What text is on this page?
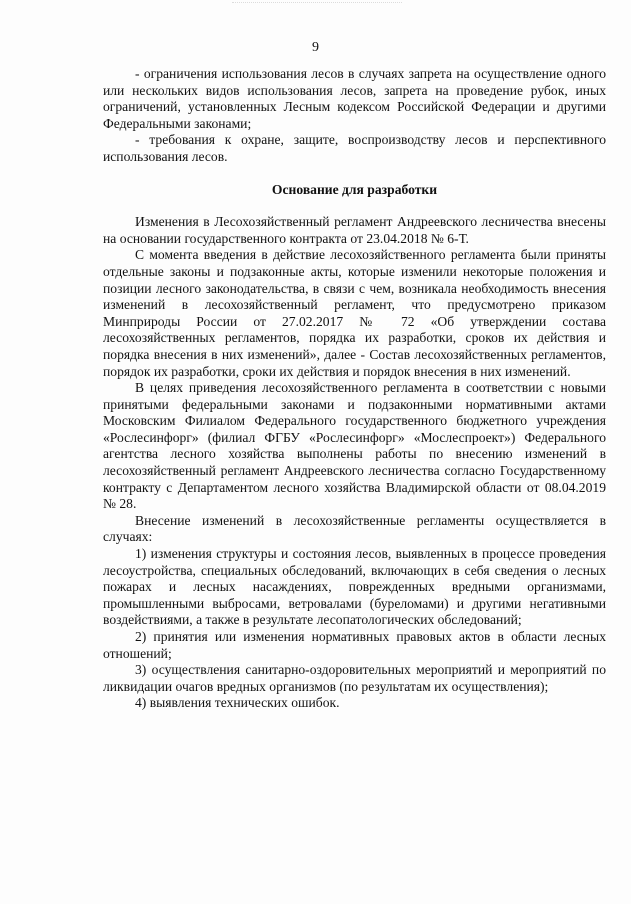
9

- ограничения использования лесов в случаях запрета на осуществление одного или нескольких видов использования лесов, запрета на проведение рубок, иных ограничений, установленных Лесным кодексом Российской Федерации и другими Федеральными законами;

- требования к охране, защите, воспроизводству лесов и перспективного использования лесов.

Основание для разработки

Изменения в Лесохозяйственный регламент Андреевского лесничества внесены на основании государственного контракта от 23.04.2018 № 6-Т.

С момента введения в действие лесохозяйственного регламента были приняты отдельные законы и подзаконные акты, которые изменили некоторые положения и позиции лесного законодательства, в связи с чем, возникала необходимость внесения изменений в лесохозяйственный регламент, что предусмотрено приказом Минприроды России от 27.02.2017 № 72 «Об утверждении состава лесохозяйственных регламентов, порядка их разработки, сроков их действия и порядка внесения в них изменений», далее - Состав лесохозяйственных регламентов, порядок их разработки, сроки их действия и порядок внесения в них изменений.

В целях приведения лесохозяйственного регламента в соответствии с новыми принятыми федеральными законами и подзаконными нормативными актами Московским Филиалом Федерального государственного бюджетного учреждения «Рослесинфорг» (филиал ФГБУ «Рослесинфорг» «Мослеспроект») Федерального агентства лесного хозяйства выполнены работы по внесению изменений в лесохозяйственный регламент Андреевского лесничества согласно Государственному контракту с Департаментом лесного хозяйства Владимирской области от 08.04.2019 № 28.

Внесение изменений в лесохозяйственные регламенты осуществляется в случаях:

1) изменения структуры и состояния лесов, выявленных в процессе проведения лесоустройства, специальных обследований, включающих в себя сведения о лесных пожарах и лесных насаждениях, поврежденных вредными организмами, промышленными выбросами, ветровалами (буреломами) и другими негативными воздействиями, а также в результате лесопатологических обследований;

2) принятия или изменения нормативных правовых актов в области лесных отношений;

3) осуществления санитарно-оздоровительных мероприятий и мероприятий по ликвидации очагов вредных организмов (по результатам их осуществления);

4) выявления технических ошибок.
